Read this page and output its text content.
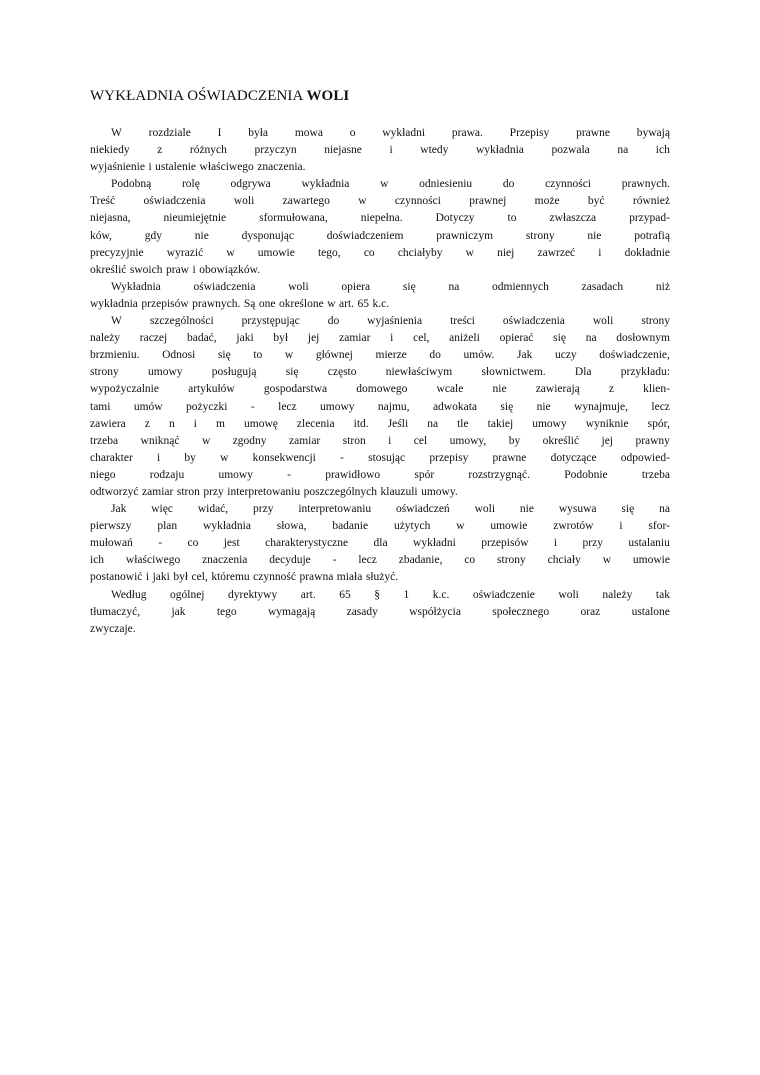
WYKŁADNIA OŚWIADCZENIA WOLI
W rozdziale I była mowa o wykładni prawa. Przepisy prawne bywają
niekiedy z różnych przyczyn niejasne i wtedy wykładnia pozwala na ich
wyjaśnienie i ustalenie właściwego znaczenia.
Podobną	rolę	odgrywa	wykładnia	w	odniesieniu	do	czynności	prawnych.
Treść oświadczenia woli zawartego w czynności prawnej może być również
niejasna,	nieumiejętnie	sformułowana,	niepełna.	Dotyczy	to	zwłaszcza	przypad-
ków,	gdy	nie	dysponując	doświadczeniem	prawniczym	strony	nie	potrafią
precyzyjnie wyrazić w umowie tego, co chciałyby w niej zawrzeć i dokładnie
określić swoich praw i obowiązków.
Wykładnia	oświadczenia	woli	opiera	się	na	odmiennych	zasadach	niż
wykładnia przepisów prawnych. Są one określone w art. 65 k.c.
W szczególności przystępując do wyjaśnienia treści oświadczenia woli strony
należy raczej badać, jaki był jej zamiar i cel, aniżeli opierać się na dosłownym
brzmieniu. Odnosi się to w głównej mierze do umów. Jak uczy doświadczenie,
strony	umowy	posługują	się	często	niewłaściwym	słownictwem.	Dla	przykładu:
wypożyczalnie	artykułów	gospodarstwa	domowego	wcale	nie	zawierają	z	klien-
tami umów pożyczki - lecz umowy najmu, adwokata się nie wynajmuje, lecz
zawiera z n i m umowę zlecenia itd. Jeśli na tle takiej umowy wyniknie spór,
trzeba wniknąć w zgodny zamiar stron i cel umowy, by określić jej prawny
charakter i by w konsekwencji - stosując przepisy prawne dotyczące odpowied-
niego	rodzaju	umowy	-	prawidłowo	spór	rozstrzygnąć.	Podobnie	trzeba
odtworzyć zamiar stron przy interpretowaniu poszczególnych klauzuli umowy.
Jak więc widać, przy interpretowaniu oświadczeń woli nie wysuwa się na
pierwszy plan wykładnia słowa, badanie użytych w umowie zwrotów i sfor-
mułowań - co jest charakterystyczne dla wykładni przepisów i przy ustalaniu
ich właściwego znaczenia decyduje - lecz zbadanie, co strony chciały w umowie
postanowić i jaki był cel, któremu czynność prawna miała służyć.
Według ogólnej dyrektywy art. 65 § 1 k.c. oświadczenie woli należy tak
tłumaczyć,	jak	tego	wymagają	zasady	współżycia	społecznego	oraz	ustalone
zwyczaje.
